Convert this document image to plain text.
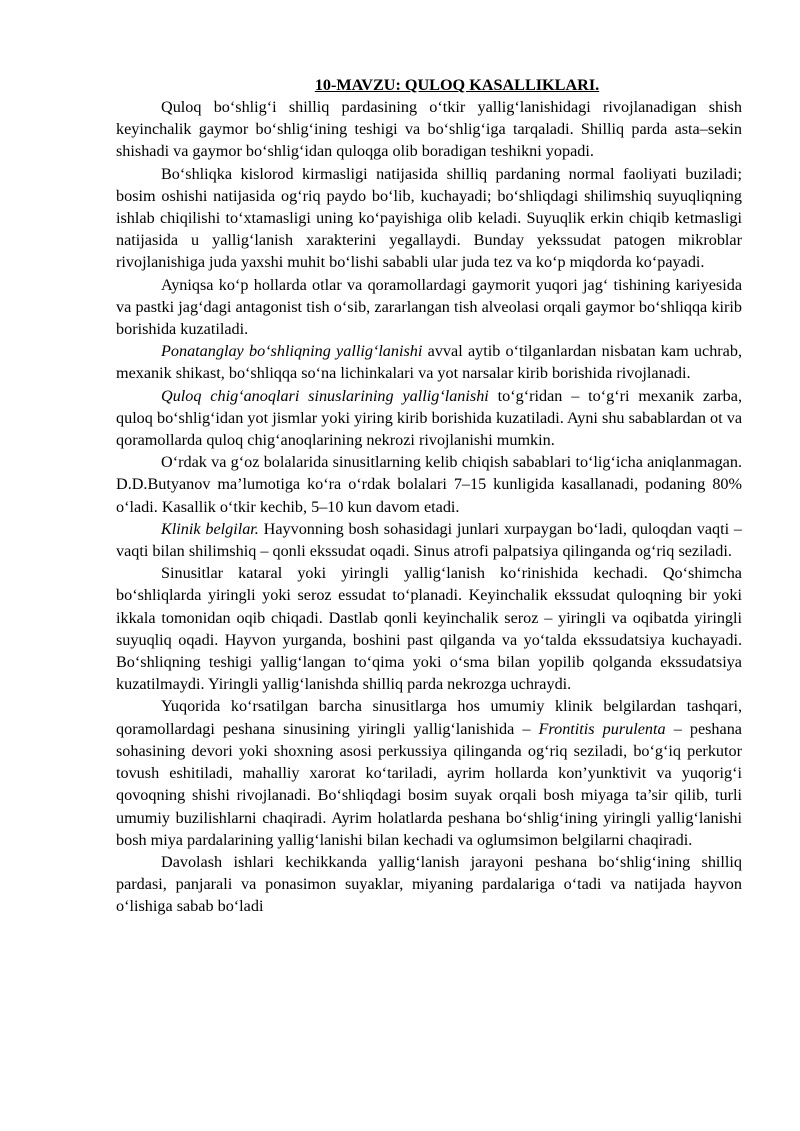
10-MAVZU: QULOQ KASALLIKLARI.

Quloq bo‘shlig‘i shilliq pardasining o‘tkir yallig‘lanishidagi rivojlanadigan shish keyinchalik gaymor bo‘shlig‘ining teshigi va bo‘shlig‘iga tarqaladi. Shilliq parda asta–sekin shishadi va gaymor bo‘shlig‘idan quloqga olib boradigan teshikni yopadi.

Bo‘shliqka kislorod kirmasligi natijasida shilliq pardaning normal faoliyati buziladi; bosim oshishi natijasida og‘riq paydo bo‘lib, kuchayadi; bo‘shliqdagi shilimshiq suyuqliqning ishlab chiqilishi to‘xtamasligi uning ko‘payishiga olib keladi. Suyuqlik erkin chiqib ketmasligi natijasida u yallig‘lanish xarakterini yegallaydi. Bunday yekssudat patogen mikroblar rivojlanishiga juda yaxshi muhit bo‘lishi sababli ular juda tez va ko‘p miqdorda ko‘payadi.

Ayniqsa ko‘p hollarda otlar va qoramollardagi gaymorit yuqori jag‘ tishining kariyesida va pastki jag‘dagi antagonist tish o‘sib, zararlangan tish alveolasi orqali gaymor bo‘shliqqa kirib borishida kuzatiladi.

Ponatanglay bo‘shliqning yallig‘lanishi avval aytib o‘tilganlardan nisbatan kam uchrab, mexanik shikast, bo‘shliqqa so‘na lichinkalari va yot narsalar kirib borishida rivojlanadi.

Quloq chig‘anoqlari sinuslarining yallig‘lanishi to‘g‘ridan – to‘g‘ri mexanik zarba, quloq bo‘shlig‘idan yot jismlar yoki yiring kirib borishida kuzatiladi. Ayni shu sabablardan ot va qoramollarda quloq chig‘anoqlarining nekrozi rivojlanishi mumkin.

O‘rdak va g‘oz bolalarida sinusitlarning kelib chiqish sabablari to‘lig‘icha aniqlanmagan. D.D.Butyanov ma’lumotiga ko‘ra o‘rdak bolalari 7–15 kunligida kasallanadi, podaning 80% o‘ladi. Kasallik o‘tkir kechib, 5–10 kun davom etadi.

Klinik belgilar. Hayvonning bosh sohasidagi junlari xurpaygan bo‘ladi, quloqdan vaqti – vaqti bilan shilimshiq – qonli ekssudat oqadi. Sinus atrofi palpatsiya qilinganda og‘riq seziladi.

Sinusitlar kataral yoki yiringli yallig‘lanish ko‘rinishida kechadi. Qo‘shimcha bo‘shliqlarda yiringli yoki seroz essudat to‘planadi. Keyinchalik ekssudat quloqning bir yoki ikkala tomonidan oqib chiqadi. Dastlab qonli keyinchalik seroz – yiringli va oqibatda yiringli suyuqliq oqadi. Hayvon yurganda, boshini past qilganda va yo‘talda ekssudatsiya kuchayadi. Bo‘shliqning teshigi yallig‘langan to‘qima yoki o‘sma bilan yopilib qolganda ekssudatsiya kuzatilmaydi. Yiringli yallig‘lanishda shilliq parda nekrozga uchraydi.

Yuqorida ko‘rsatilgan barcha sinusitlarga hos umumiy klinik belgilardan tashqari, qoramollardagi peshana sinusining yiringli yallig‘lanishida – Frontitis purulenta – peshana sohasining devori yoki shoxning asosi perkussiya qilinganda og‘riq seziladi, bo‘g‘iq perkutor tovush eshitiladi, mahalliy xarorat ko‘tariladi, ayrim hollarda kon’yunktivit va yuqorig‘i qovoqning shishi rivojlanadi. Bo‘shliqdagi bosim suyak orqali bosh miyaga ta’sir qilib, turli umumiy buzilishlarni chaqiradi. Ayrim holatlarda peshana bo‘shlig‘ining yiringli yallig‘lanishi bosh miya pardalarining yallig‘lanishi bilan kechadi va oglumsimon belgilarni chaqiradi.

Davolash ishlari kechikkanda yallig‘lanish jarayoni peshana bo‘shlig‘ining shilliq pardasi, panjarali va ponasimon suyaklar, miyaning pardalariga o‘tadi va natijada hayvon o‘lishiga sabab bo‘ladi
